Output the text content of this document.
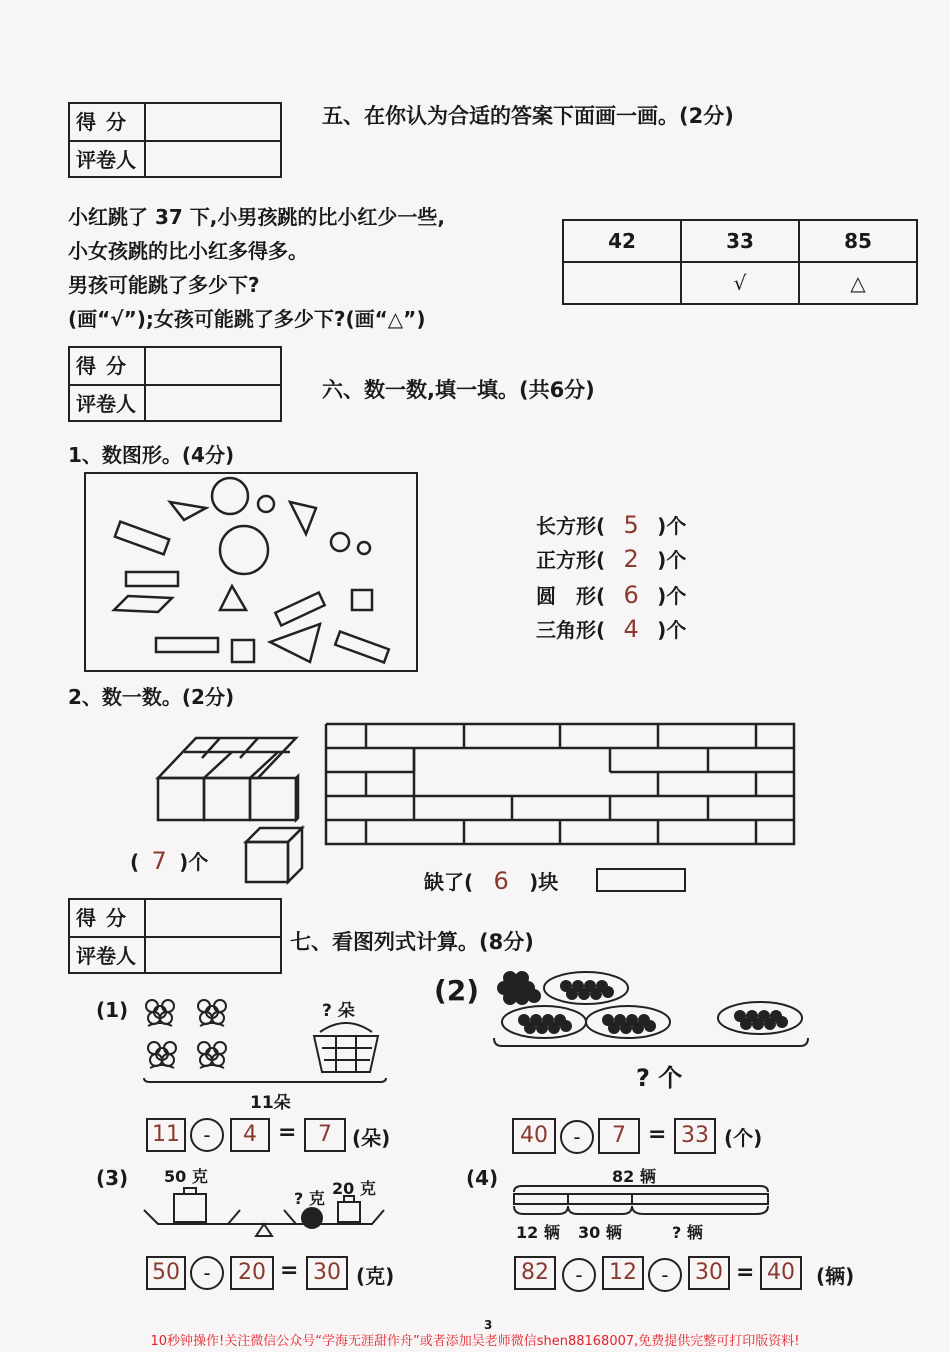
得分
评卷人
五、在你认为合适的答案下面画一画。(2分)
小红跳了 37 下,小男孩跳的比小红少一些,
小女孩跳的比小红多得多。
男孩可能跳了多少下?
(画“√”);女孩可能跳了多少下?(画“△”)
42	33	85
	√	△
得分
评卷人
六、数一数,填一填。(共6分)
1、数图形。(4分)
长方形( 5 )个
正方形( 2 )个
圆　形( 6 )个
三角形( 4 )个
2、数一数。(2分)
( 7 )个
缺了( 6 )块
得分
评卷人
七、看图列式计算。(8分)
(1)	? 朵
11朵
11	-	4 = 7	(朵)
(2)
? 个
40	-	7	= 33 (个)
(3) 50 克
? 克
20 克
50	-	20 = 30 (克)
(4)	82 辆
12 辆 30 辆	? 辆
82	-	12	-	30 = 40	(辆)
3
10秒钟操作!关注微信公众号“学海无涯甜作舟”或者添加吴老师微信shen88168007,免费提供完整可打印版资料!
